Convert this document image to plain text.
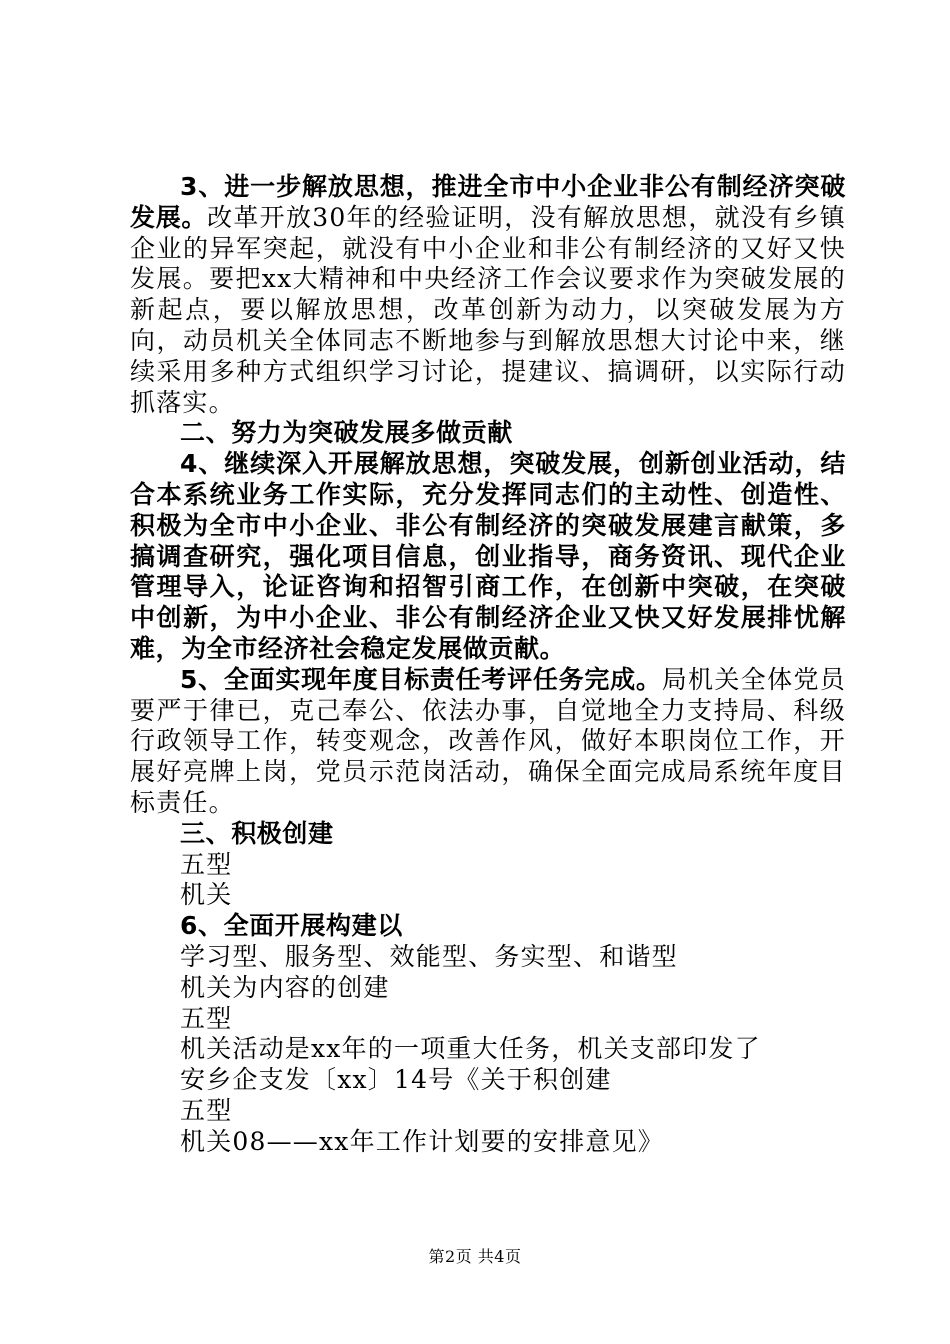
3、进一步解放思想，推进全市中小企业非公有制经济突破发展。改革开放30年的经验证明，没有解放思想，就没有乡镇企业的异军突起，就没有中小企业和非公有制经济的又好又快发展。要把xx大精神和中央经济工作会议要求作为突破发展的新起点，要以解放思想，改革创新为动力，以突破发展为方向，动员机关全体同志不断地参与到解放思想大讨论中来，继续采用多种方式组织学习讨论，提建议、搞调研，以实际行动抓落实。

二、努力为突破发展多做贡献

4、继续深入开展解放思想，突破发展，创新创业活动，结合本系统业务工作实际，充分发挥同志们的主动性、创造性、积极为全市中小企业、非公有制经济的突破发展建言献策，多搞调查研究，强化项目信息，创业指导，商务资讯、现代企业管理导入，论证咨询和招智引商工作，在创新中突破，在突破中创新，为中小企业、非公有制经济企业又快又好发展排忧解难，为全市经济社会稳定发展做贡献。

5、全面实现年度目标责任考评任务完成。局机关全体党员要严于律已，克己奉公、依法办事，自觉地全力支持局、科级行政领导工作，转变观念，改善作风，做好本职岗位工作，开展好亮牌上岗，党员示范岗活动，确保全面完成局系统年度目标责任。

三、积极创建

五型

机关

6、全面开展构建以

学习型、服务型、效能型、务实型、和谐型

机关为内容的创建

五型

机关活动是xx年的一项重大任务，机关支部印发了

安乡企支发〔xx〕14号《关于积创建

五型

机关08——xx年工作计划要的安排意见》

第2页 共4页
